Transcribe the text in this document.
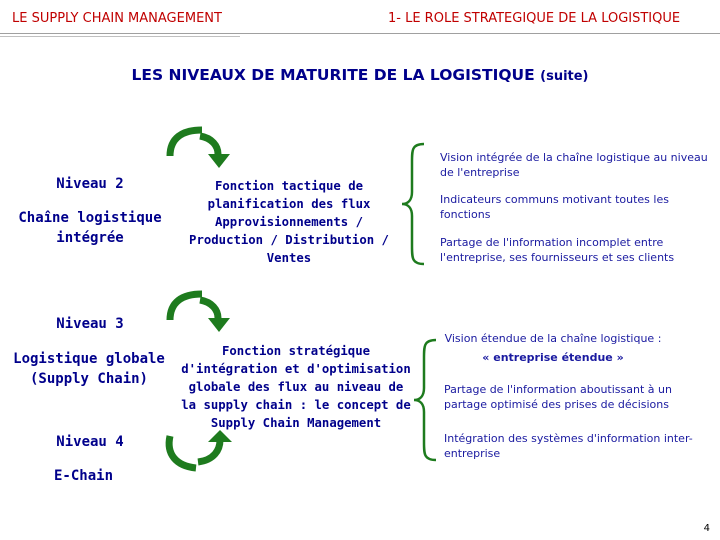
LE SUPPLY CHAIN MANAGEMENT	1- LE ROLE STRATEGIQUE DE LA LOGISTIQUE
LES NIVEAUX DE MATURITE DE LA LOGISTIQUE (suite)
Niveau 2
Chaîne logistique
intégrée
Niveau 3
Logistique globale
(Supply Chain)
Niveau 4
E-Chain
Fonction tactique de
planification des flux
Approvisionnements /
Production / Distribution /
Ventes
Fonction stratégique
d'intégration et d'optimisation
globale des flux au niveau de
la supply chain : le concept de
Supply Chain Management
Vision intégrée de la chaîne logistique au niveau
de l'entreprise
Indicateurs communs motivant toutes les
fonctions
Partage de l'information incomplet entre
l'entreprise, ses fournisseurs et ses clients
Vision étendue de la chaîne logistique :
« entreprise étendue »
Partage de l'information aboutissant à un
partage optimisé des prises de décisions
Intégration des systèmes d'information inter-
entreprise
4
